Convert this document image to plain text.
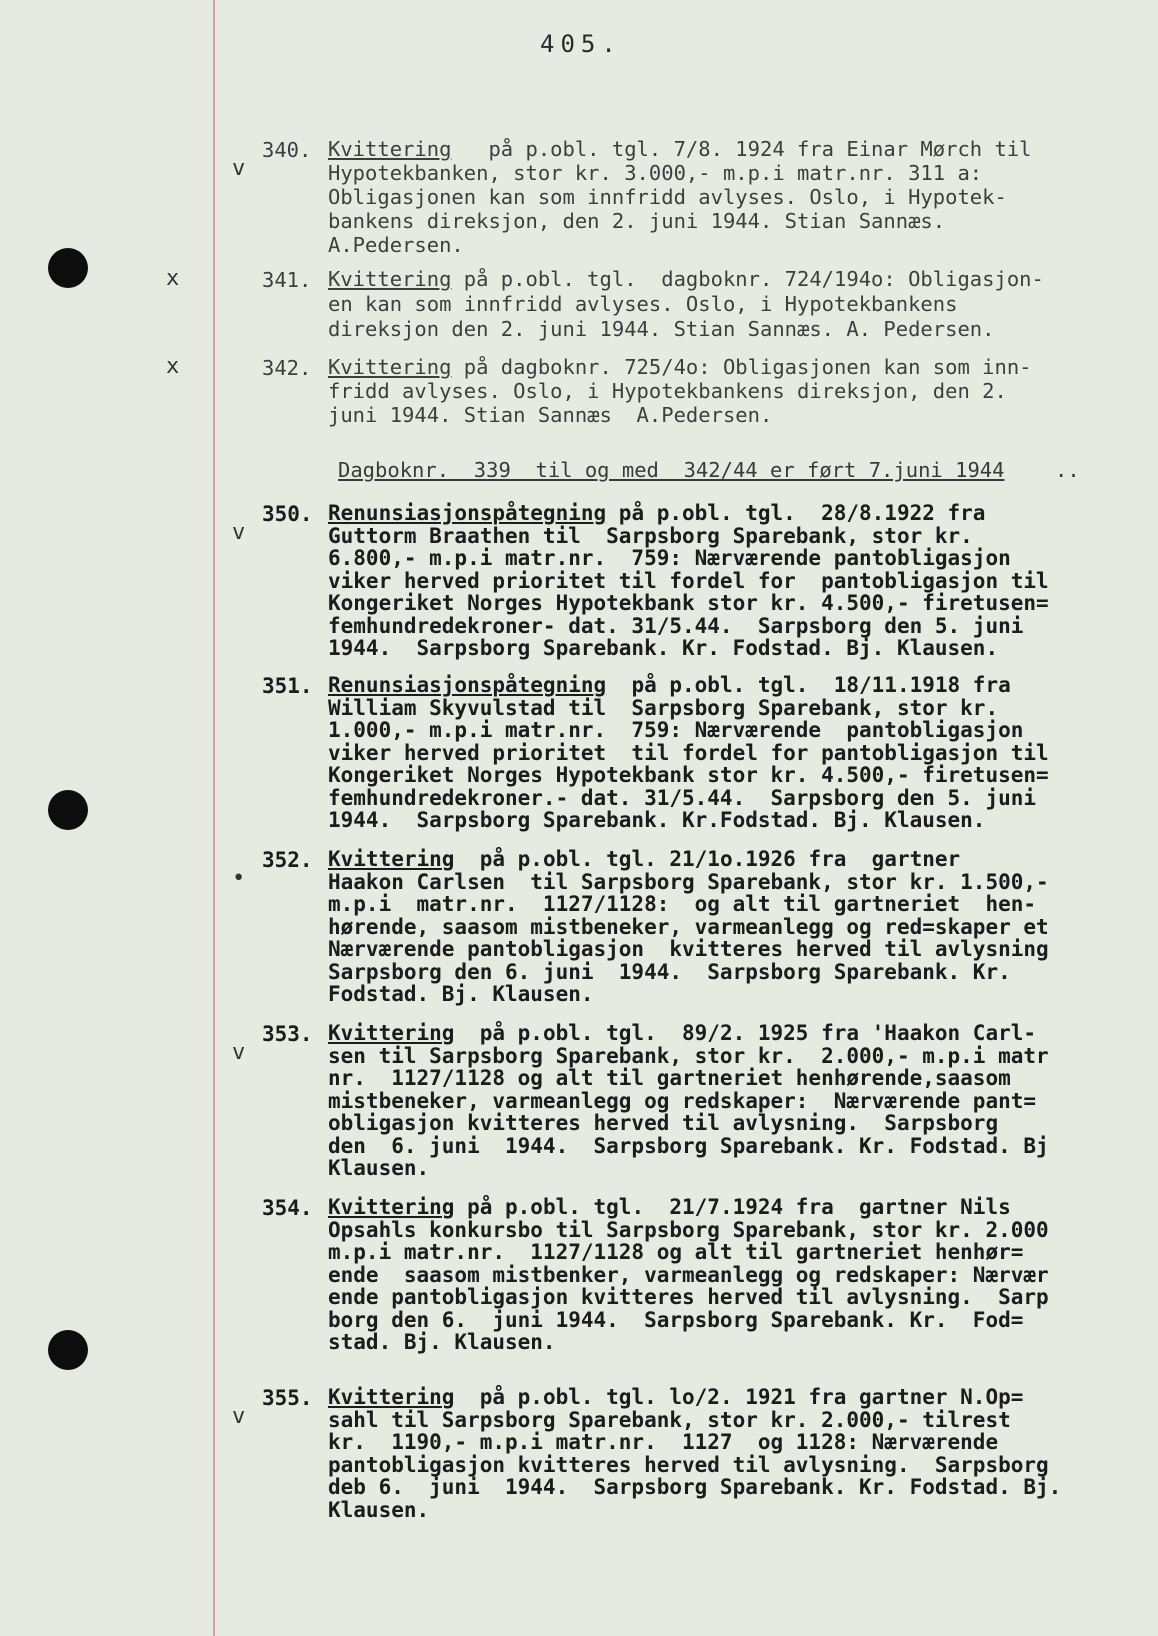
405.
Dagboknr.  339  til og med  342/44 er ført 7.juni 1944 ..
340.
v
Kvittering   på p.obl. tgl. 7/8. 1924 fra Einar Mørch til
Hypotekbanken, stor kr. 3.000,- m.p.i matr.nr. 311 a:
Obligasjonen kan som innfridd avlyses. Oslo, i Hypotek-
bankens direksjon, den 2. juni 1944. Stian Sannæs.
A.Pedersen.
341.
x	Kvittering på p.obl. tgl.  dagboknr. 724/194o: Obligasjon-
en kan som innfridd avlyses. Oslo, i Hypotekbankens
direksjon den 2. juni 1944. Stian Sannæs. A. Pedersen.
342.
x	Kvittering på dagboknr. 725/4o: Obligasjonen kan som inn-
fridd avlyses. Oslo, i Hypotekbankens direksjon, den 2.
juni 1944. Stian Sannæs  A.Pedersen.
350.
v
Renunsiasjonspåtegning på p.obl. tgl.  28/8.1922 fra
Guttorm Braathen til  Sarpsborg Sparebank, stor kr.
6.800,- m.p.i matr.nr.  759: Nærværende pantobligasjon
viker herved prioritet til fordel for  pantobligasjon til
Kongeriket Norges Hypotekbank stor kr. 4.500,- firetusen=
femhundredekroner- dat. 31/5.44.  Sarpsborg den 5. juni
1944.  Sarpsborg Sparebank. Kr. Fodstad. Bj. Klausen.
351. Renunsiasjonspåtegning  på p.obl. tgl.  18/11.1918 fra
William Skyvulstad til  Sarpsborg Sparebank, stor kr.
1.000,- m.p.i matr.nr.  759: Nærværende  pantobligasjon
viker herved prioritet  til fordel for pantobligasjon til
Kongeriket Norges Hypotekbank stor kr. 4.500,- firetusen=
femhundredekroner.- dat. 31/5.44.  Sarpsborg den 5. juni
1944.  Sarpsborg Sparebank. Kr.Fodstad. Bj. Klausen.
352.
•
Kvittering  på p.obl. tgl. 21/1o.1926 fra  gartner
Haakon Carlsen  til Sarpsborg Sparebank, stor kr. 1.500,-
m.p.i  matr.nr.  1127/1128:  og alt til gartneriet  hen-
hørende, saasom mistbeneker, varmeanlegg og red=skaper et
Nærværende pantobligasjon  kvitteres herved til avlysning
Sarpsborg den 6. juni  1944.  Sarpsborg Sparebank. Kr.
Fodstad. Bj. Klausen.
353.
v
Kvittering  på p.obl. tgl.  89/2. 1925 fra 'Haakon Carl-
sen til Sarpsborg Sparebank, stor kr.  2.000,- m.p.i matr
nr.  1127/1128 og alt til gartneriet henhørende,saasom
mistbeneker, varmeanlegg og redskaper:  Nærværende pant=
obligasjon kvitteres herved til avlysning.  Sarpsborg
den  6. juni  1944.  Sarpsborg Sparebank. Kr. Fodstad. Bj
Klausen.
354. Kvittering på p.obl. tgl.  21/7.1924 fra  gartner Nils
Opsahls konkursbo til Sarpsborg Sparebank, stor kr. 2.000
m.p.i matr.nr.  1127/1128 og alt til gartneriet henhør=
ende  saasom mistbenker, varmeanlegg og redskaper: Nærvær
ende pantobligasjon kvitteres herved til avlysning.  Sarp
borg den 6.  juni 1944.  Sarpsborg Sparebank. Kr.  Fod=
stad. Bj. Klausen.
355.
v
Kvittering  på p.obl. tgl. lo/2. 1921 fra gartner N.Op=
sahl til Sarpsborg Sparebank, stor kr. 2.000,- tilrest
kr.  1190,- m.p.i matr.nr.  1127  og 1128: Nærværende
pantobligasjon kvitteres herved til avlysning.  Sarpsborg
deb 6.  juni  1944.  Sarpsborg Sparebank. Kr. Fodstad. Bj.
Klausen.
